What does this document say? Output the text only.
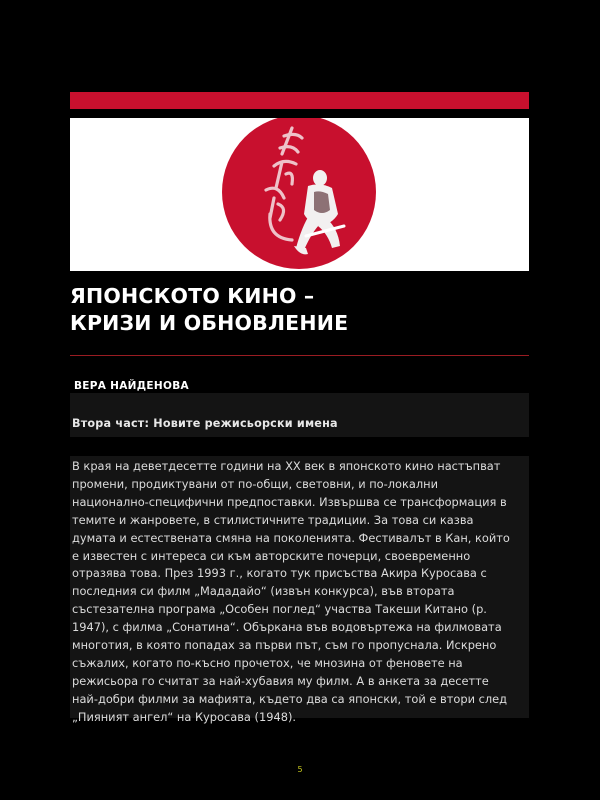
ЯПОНСКОТО КИНО –
КРИЗИ И ОБНОВЛЕНИЕ
ВЕРА НАЙДЕНОВА
Втора част: Новите режисьорски имена

В края на деветдесетте години на XX век в японското кино настъпват
промени, продиктувани от по-общи, световни, и по-локални
национално-специфични предпоставки. Извършва се трансформация в
темите и жанровете, в стилистичните традиции. За това си казва
думата и естествената смяна на поколенията. Фестивалът в Кан, който
е известен с интереса си към авторските почерци, своевременно
отразява това. През 1993 г., когато тук присъства Акира Куросава с
последния си филм „Мададайо“ (извън конкурса), във втората
състезателна програма „Особен поглед“ участва Такеши Китано (р.
1947), с филма „Сонатина“. Объркана във водовъртежа на филмовата
многотия, в която попадах за първи път, съм го пропуснала. Искрено
съжалих, когато по-късно прочетох, че мнозина от феновете на
режисьора го считат за най-хубавия му филм. А в анкета за десетте
най-добри филми за мафията, където два са японски, той е втори след
„Пияният ангел“ на Куросава (1948).

5
